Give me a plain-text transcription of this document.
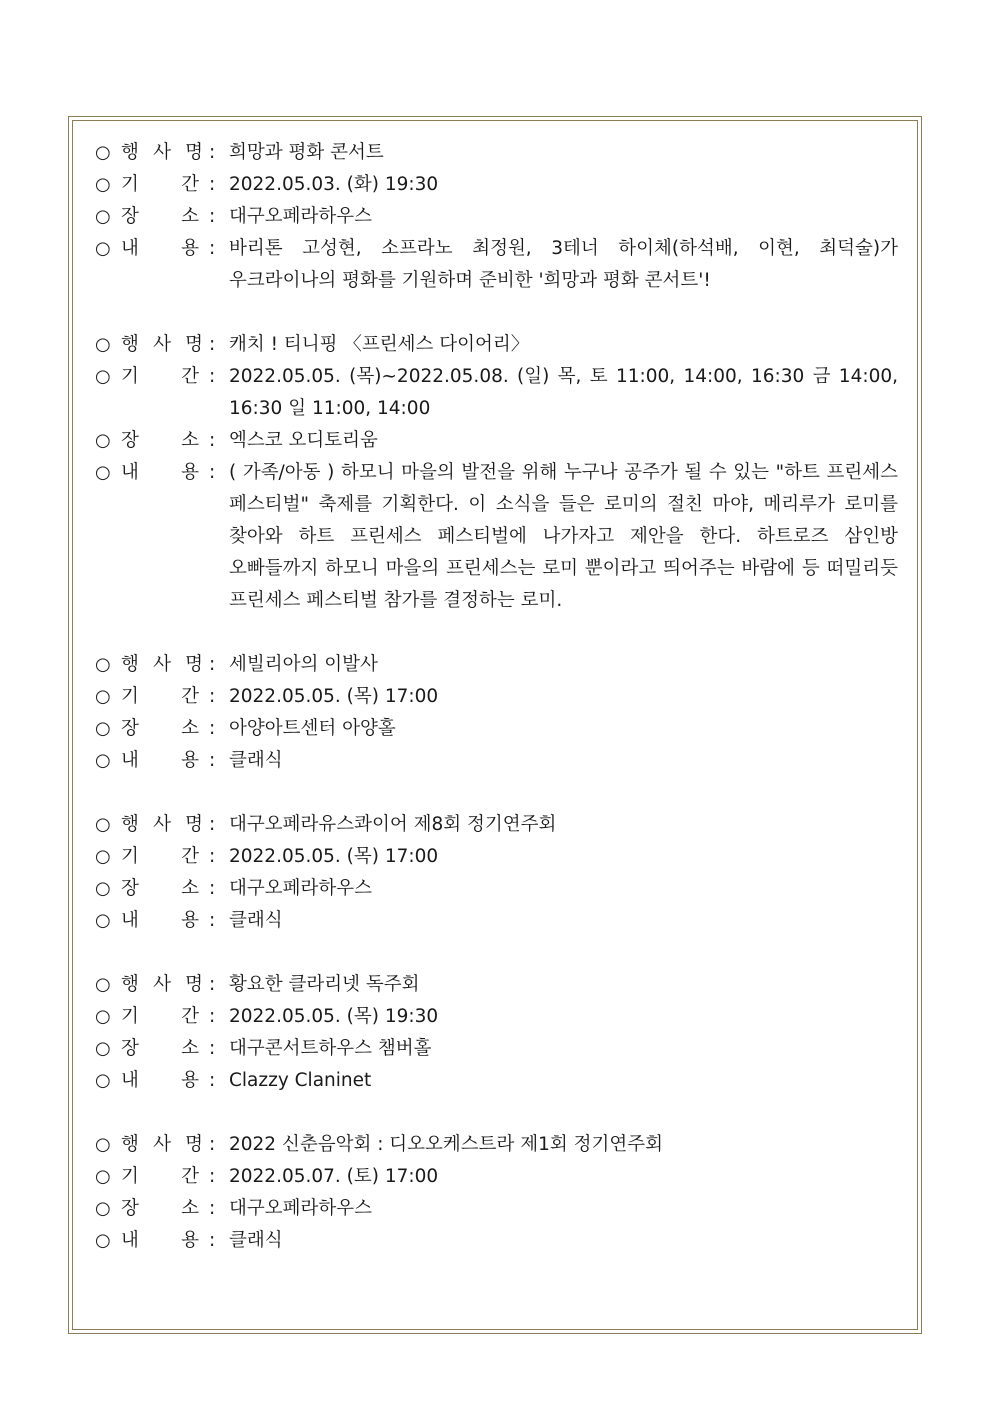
○ 행 사 명 : 희망과 평화 콘서트
○ 기 간 : 2022.05.03. (화) 19:30
○ 장 소 : 대구오페라하우스
○ 내 용 : 바리톤 고성현, 소프라노 최정원, 3테너 하이체(하석배, 이현, 최덕술)가 우크라이나의 평화를 기원하며 준비한 '희망과 평화 콘서트'!
○ 행 사 명 : 캐치 ! 티니핑 〈프린세스 다이어리〉
○ 기 간 : 2022.05.05. (목)~2022.05.08. (일) 목, 토 11:00, 14:00, 16:30 금 14:00, 16:30 일 11:00, 14:00
○ 장 소 : 엑스코 오디토리움
○ 내 용 : ( 가족/아동 ) 하모니 마을의 발전을 위해 누구나 공주가 될 수 있는 "하트 프린세스 페스티벌" 축제를 기획한다. 이 소식을 들은 로미의 절친 마야, 메리루가 로미를 찾아와 하트 프린세스 페스티벌에 나가자고 제안을 한다. 하트로즈 삼인방 오빠들까지 하모니 마을의 프린세스는 로미 뿐이라고 띄어주는 바람에 등 떠밀리듯 프린세스 페스티벌 참가를 결정하는 로미.
○ 행 사 명 : 세빌리아의 이발사
○ 기 간 : 2022.05.05. (목) 17:00
○ 장 소 : 아양아트센터 아양홀
○ 내 용 : 클래식
○ 행 사 명 : 대구오페라유스콰이어 제8회 정기연주회
○ 기 간 : 2022.05.05. (목) 17:00
○ 장 소 : 대구오페라하우스
○ 내 용 : 클래식
○ 행 사 명 : 황요한 클라리넷 독주회
○ 기 간 : 2022.05.05. (목) 19:30
○ 장 소 : 대구콘서트하우스 챔버홀
○ 내 용 : Clazzy Claninet
○ 행 사 명 : 2022 신춘음악회 : 디오오케스트라 제1회 정기연주회
○ 기 간 : 2022.05.07. (토) 17:00
○ 장 소 : 대구오페라하우스
○ 내 용 : 클래식
